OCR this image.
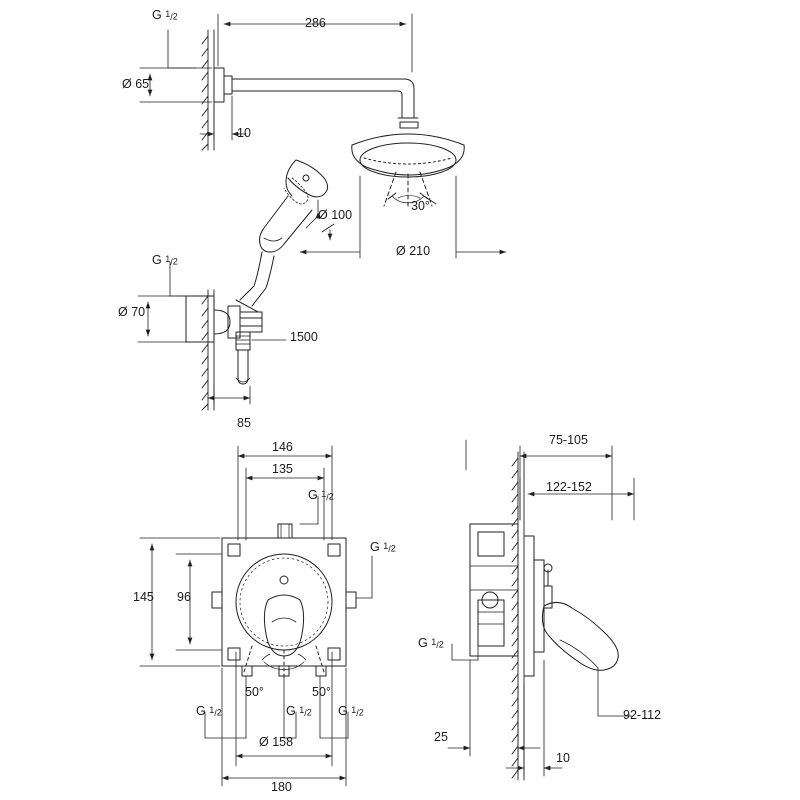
G $^1/_2$	286
Ø 65
10
30°
Ø 100
Ø 210
G $^1/_2$
Ø 70
1500
85
146
135
G $^1/_2$
G $^1/_2$
145 96
50°	50°
G $^1/_2$	G $^1/_2$ G $^1/_2$
Ø 158
180
75-105
122-152
G $^1/_2$
92-112
25
10
